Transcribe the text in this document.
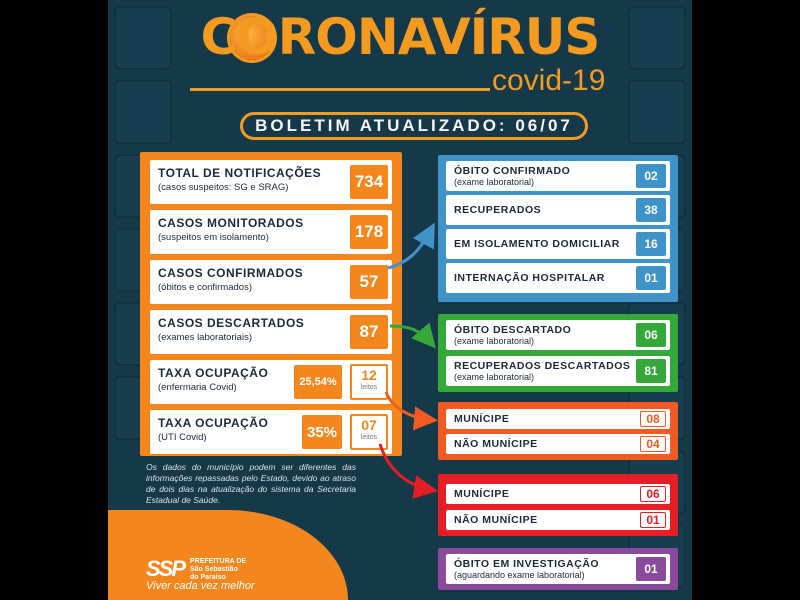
CORONAVÍRUS
covid-19
BOLETIM ATUALIZADO: 06/07
TOTAL DE NOTIFICAÇÕES
(casos suspeitos: SG e SRAG)	734
CASOS MONITORADOS
(suspeitos em isolamento)	178
CASOS CONFIRMADOS
(óbitos e confirmados)	57
CASOS DESCARTADOS
(exames laboratoriais)	87
TAXA OCUPAÇÃO
(enfermaria Covid)	25,54%	12
leitos
TAXA OCUPAÇÃO
(UTI Covid)	35%	07
leitos
Os dados do município podem ser diferentes das informações repassadas pelo Estado, devido ao atraso de dois dias na atualização do sistema da Secretaria Estadual de Saúde.
SSP PREFEITURA DE
São Sebastião
do Paraíso
Viver cada vez melhor
ÓBITO CONFIRMADO
(exame laboratorial)	02
RECUPERADOS	38
EM ISOLAMENTO DOMICILIAR	16
INTERNAÇÃO HOSPITALAR	01
ÓBITO DESCARTADO
(exame laboratorial)	06
RECUPERADOS DESCARTADOS
(exame laboratorial)	81
MUNÍCIPE	08
NÃO MUNÍCIPE	04
MUNÍCIPE	06
NÃO MUNÍCIPE	01
ÓBITO EM INVESTIGAÇÃO
(aguardando exame laboratorial)	01
